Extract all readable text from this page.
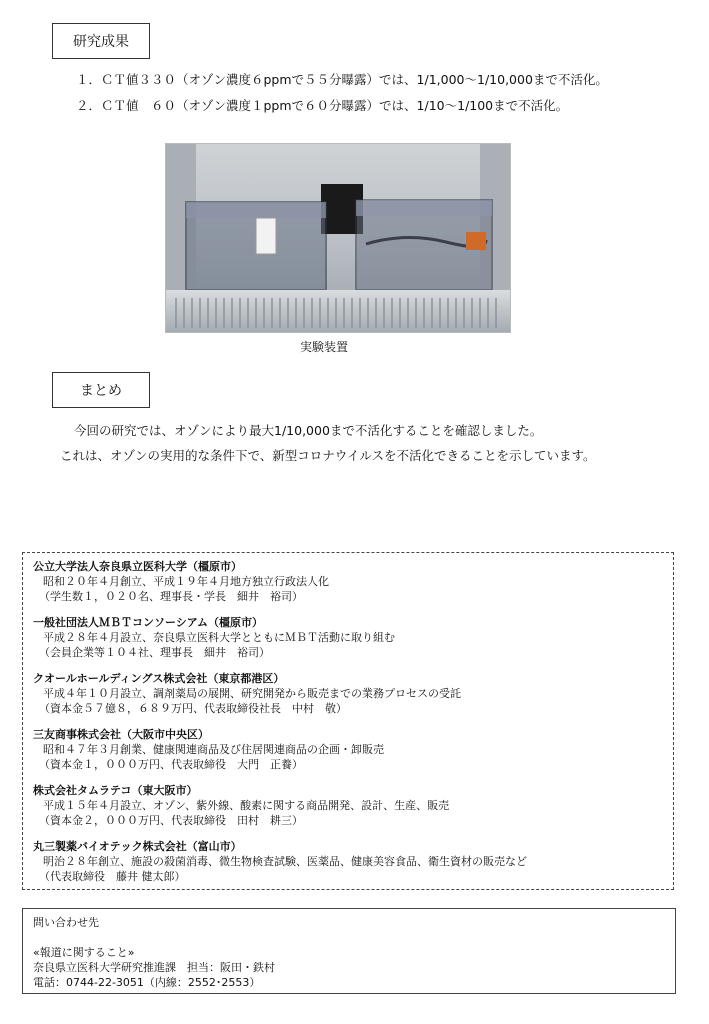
研究成果
１．ＣＴ値３３０（オゾン濃度６ppmで５５分曝露）では、1/1,000～1/10,000まで不活化。
２．ＣＴ値　６０（オゾン濃度１ppmで６０分曝露）では、1/10～1/100まで不活化。
実験装置
まとめ
今回の研究では、オゾンにより最大1/10,000まで不活化することを確認しました。
これは、オゾンの実用的な条件下で、新型コロナウイルスを不活化できることを示しています。
公立大学法人奈良県立医科大学（橿原市）
昭和２０年４月創立、平成１９年４月地方独立行政法人化
（学生数１，０２０名、理事長・学長　細井　裕司）
一般社団法人ＭＢＴコンソーシアム（橿原市）
平成２８年４月設立、奈良県立医科大学とともにＭＢＴ活動に取り組む
（会員企業等１０４社、理事長　細井　裕司）
クオールホールディングス株式会社（東京都港区）
平成４年１０月設立、調剤薬局の展開、研究開発から販売までの業務プロセスの受託
（資本金５７億８，６８９万円、代表取締役社長　中村　敬）
三友商事株式会社（大阪市中央区）
昭和４７年３月創業、健康関連商品及び住居関連商品の企画・卸販売
（資本金１，０００万円、代表取締役　大門　正養）
株式会社タムラテコ（東大阪市）
平成１５年４月設立、オゾン、紫外線、酸素に関する商品開発、設計、生産、販売
（資本金２，０００万円、代表取締役　田村　耕三）
丸三製薬バイオテック株式会社（富山市）
明治２８年創立、施設の殺菌消毒、微生物検査試験、医薬品、健康美容食品、衛生資材の販売など
（代表取締役　藤井 健太郎）
問い合わせ先
«報道に関すること»
奈良県立医科大学研究推進課　担当：阪田・鉄村
電話：0744-22-3051（内線：2552･2553）
